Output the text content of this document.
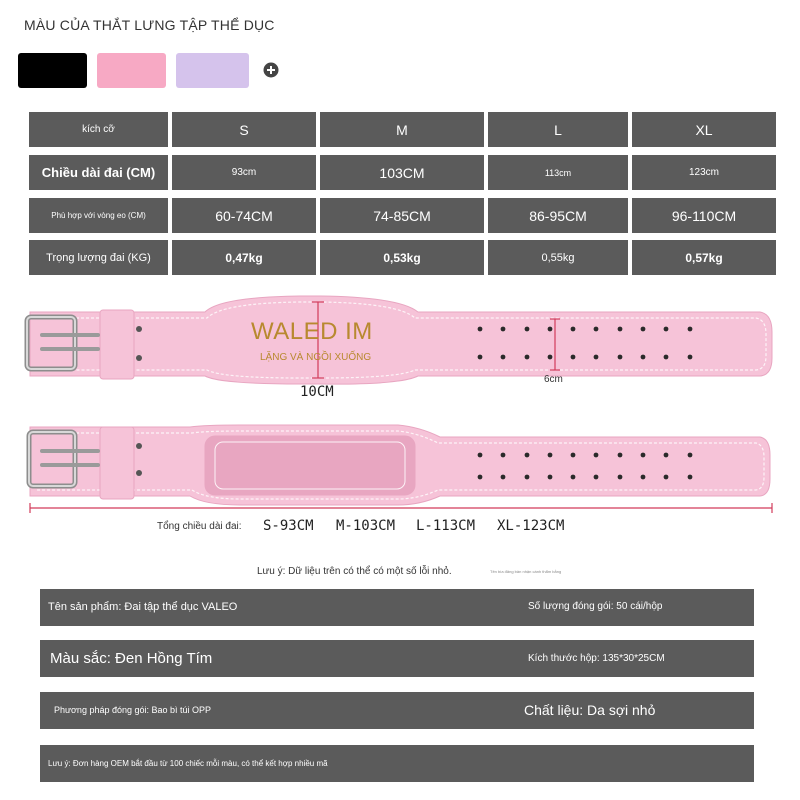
MÀU CỦA THẮT LƯNG TẬP THỂ DỤC
kích cỡ	S	M	L	XL
Chiều dài đai (CM)	93cm	103CM	113cm	123cm
Phù hợp với vòng eo (CM)	60-74CM	74-85CM	86-95CM	96-110CM
Trọng lượng đai (KG)	0,47kg	0,53kg	0,55kg	0,57kg
WALED IM
LẶNG VÀ NGỒI XUỐNG
10CM
6cm
Tổng chiều dài đai: S-93CM M-103CM L-113CM XL-123CM
Lưu ý: Dữ liệu trên có thể có một số lỗi nhỏ.	Tên bìa đăng bản nhận cánh thẩm bằng
Tên sản phẩm: Đai tập thể dục VALEO	Số lượng đóng gói: 50 cái/hộp
Màu sắc: Đen Hồng Tím	Kích thước hộp: 135*30*25CM
Phương pháp đóng gói: Bao bì túi OPP	Chất liệu: Da sợi nhỏ
Lưu ý: Đơn hàng OEM bắt đầu từ 100 chiếc mỗi màu, có thể kết hợp nhiều mã
